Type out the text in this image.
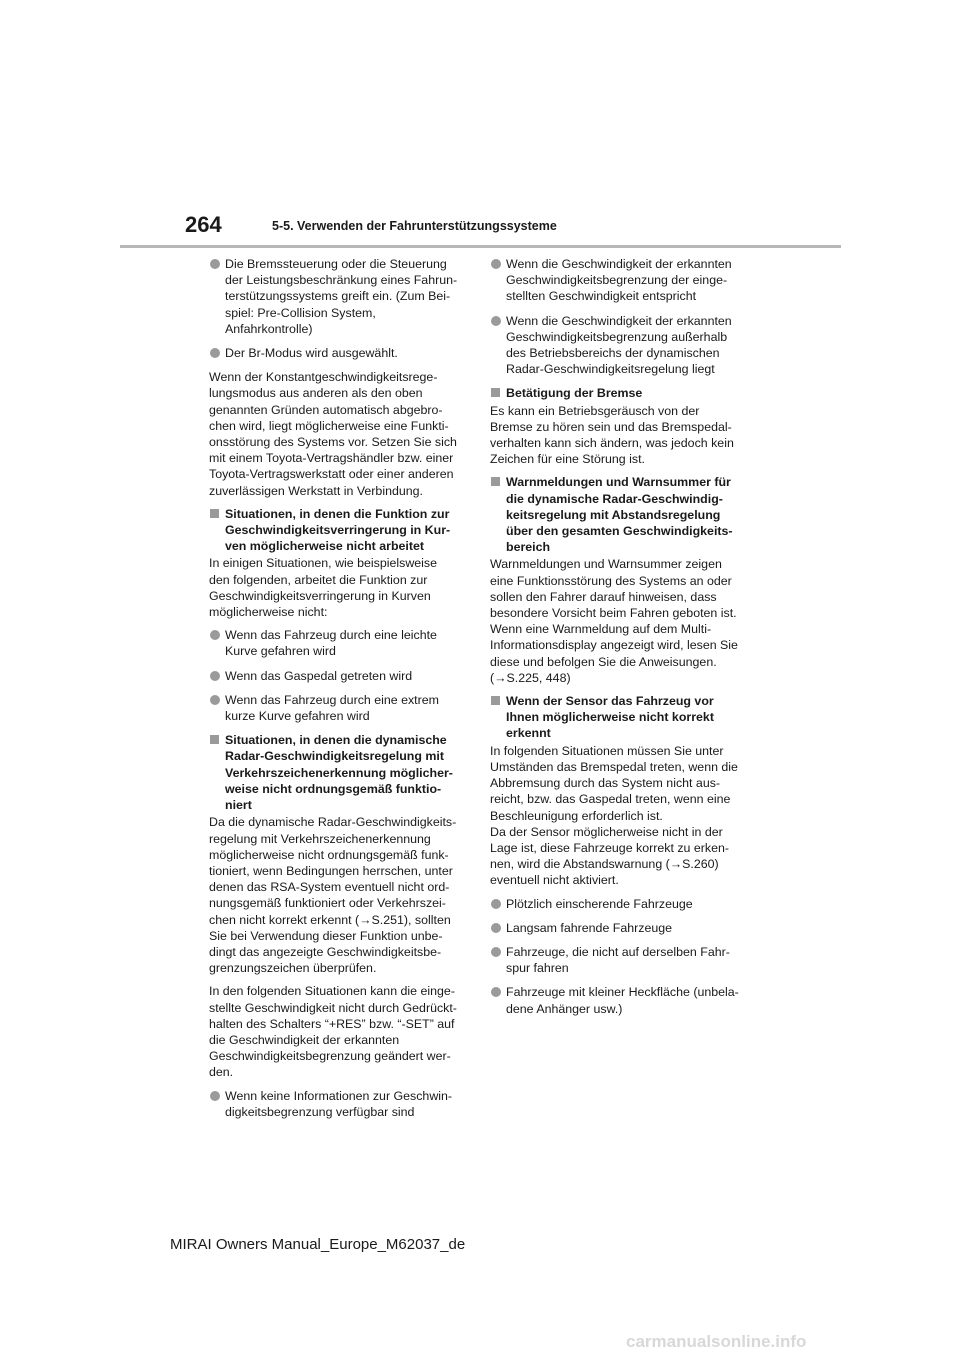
264	5-5. Verwenden der Fahrunterstützungssysteme
Die Bremssteuerung oder die Steuerung
der Leistungsbeschränkung eines Fahrun-
terstützungssystems greift ein. (Zum Bei-
spiel: Pre-Collision System,
Anfahrkontrolle)
Der Br-Modus wird ausgewählt.
Wenn der Konstantgeschwindigkeitsrege-
lungsmodus aus anderen als den oben
genannten Gründen automatisch abgebro-
chen wird, liegt möglicherweise eine Funkti-
onsstörung des Systems vor. Setzen Sie sich
mit einem Toyota-Vertragshändler bzw. einer
Toyota-Vertragswerkstatt oder einer anderen
zuverlässigen Werkstatt in Verbindung.
Situationen, in denen die Funktion zur
Geschwindigkeitsverringerung in Kur-
ven möglicherweise nicht arbeitet
In einigen Situationen, wie beispielsweise
den folgenden, arbeitet die Funktion zur
Geschwindigkeitsverringerung in Kurven
möglicherweise nicht:
Wenn das Fahrzeug durch eine leichte
Kurve gefahren wird
Wenn das Gaspedal getreten wird
Wenn das Fahrzeug durch eine extrem
kurze Kurve gefahren wird
Situationen, in denen die dynamische
Radar-Geschwindigkeitsregelung mit
Verkehrszeichenerkennung möglicher-
weise nicht ordnungsgemäß funktio-
niert
Da die dynamische Radar-Geschwindigkeits-
regelung mit Verkehrszeichenerkennung
möglicherweise nicht ordnungsgemäß funk-
tioniert, wenn Bedingungen herrschen, unter
denen das RSA-System eventuell nicht ord-
nungsgemäß funktioniert oder Verkehrszei-
chen nicht korrekt erkennt (→S.251), sollten
Sie bei Verwendung dieser Funktion unbe-
dingt das angezeigte Geschwindigkeitsbe-
grenzungszeichen überprüfen.
In den folgenden Situationen kann die einge-
stellte Geschwindigkeit nicht durch Gedrückt-
halten des Schalters “+RES” bzw. “-SET” auf
die Geschwindigkeit der erkannten
Geschwindigkeitsbegrenzung geändert wer-
den.
Wenn keine Informationen zur Geschwin-
digkeitsbegrenzung verfügbar sind
Wenn die Geschwindigkeit der erkannten
Geschwindigkeitsbegrenzung der einge-
stellten Geschwindigkeit entspricht
Wenn die Geschwindigkeit der erkannten
Geschwindigkeitsbegrenzung außerhalb
des Betriebsbereichs der dynamischen
Radar-Geschwindigkeitsregelung liegt
Betätigung der Bremse
Es kann ein Betriebsgeräusch von der
Bremse zu hören sein und das Bremspedal-
verhalten kann sich ändern, was jedoch kein
Zeichen für eine Störung ist.
Warnmeldungen und Warnsummer für
die dynamische Radar-Geschwindig-
keitsregelung mit Abstandsregelung
über den gesamten Geschwindigkeits-
bereich
Warnmeldungen und Warnsummer zeigen
eine Funktionsstörung des Systems an oder
sollen den Fahrer darauf hinweisen, dass
besondere Vorsicht beim Fahren geboten ist.
Wenn eine Warnmeldung auf dem Multi-
Informationsdisplay angezeigt wird, lesen Sie
diese und befolgen Sie die Anweisungen.
(→S.225, 448)
Wenn der Sensor das Fahrzeug vor
Ihnen möglicherweise nicht korrekt
erkennt
In folgenden Situationen müssen Sie unter
Umständen das Bremspedal treten, wenn die
Abbremsung durch das System nicht aus-
reicht, bzw. das Gaspedal treten, wenn eine
Beschleunigung erforderlich ist.
Da der Sensor möglicherweise nicht in der
Lage ist, diese Fahrzeuge korrekt zu erken-
nen, wird die Abstandswarnung (→S.260)
eventuell nicht aktiviert.
Plötzlich einscherende Fahrzeuge
Langsam fahrende Fahrzeuge
Fahrzeuge, die nicht auf derselben Fahr-
spur fahren
Fahrzeuge mit kleiner Heckfläche (unbela-
dene Anhänger usw.)
MIRAI Owners Manual_Europe_M62037_de
carmanualsonline.info
